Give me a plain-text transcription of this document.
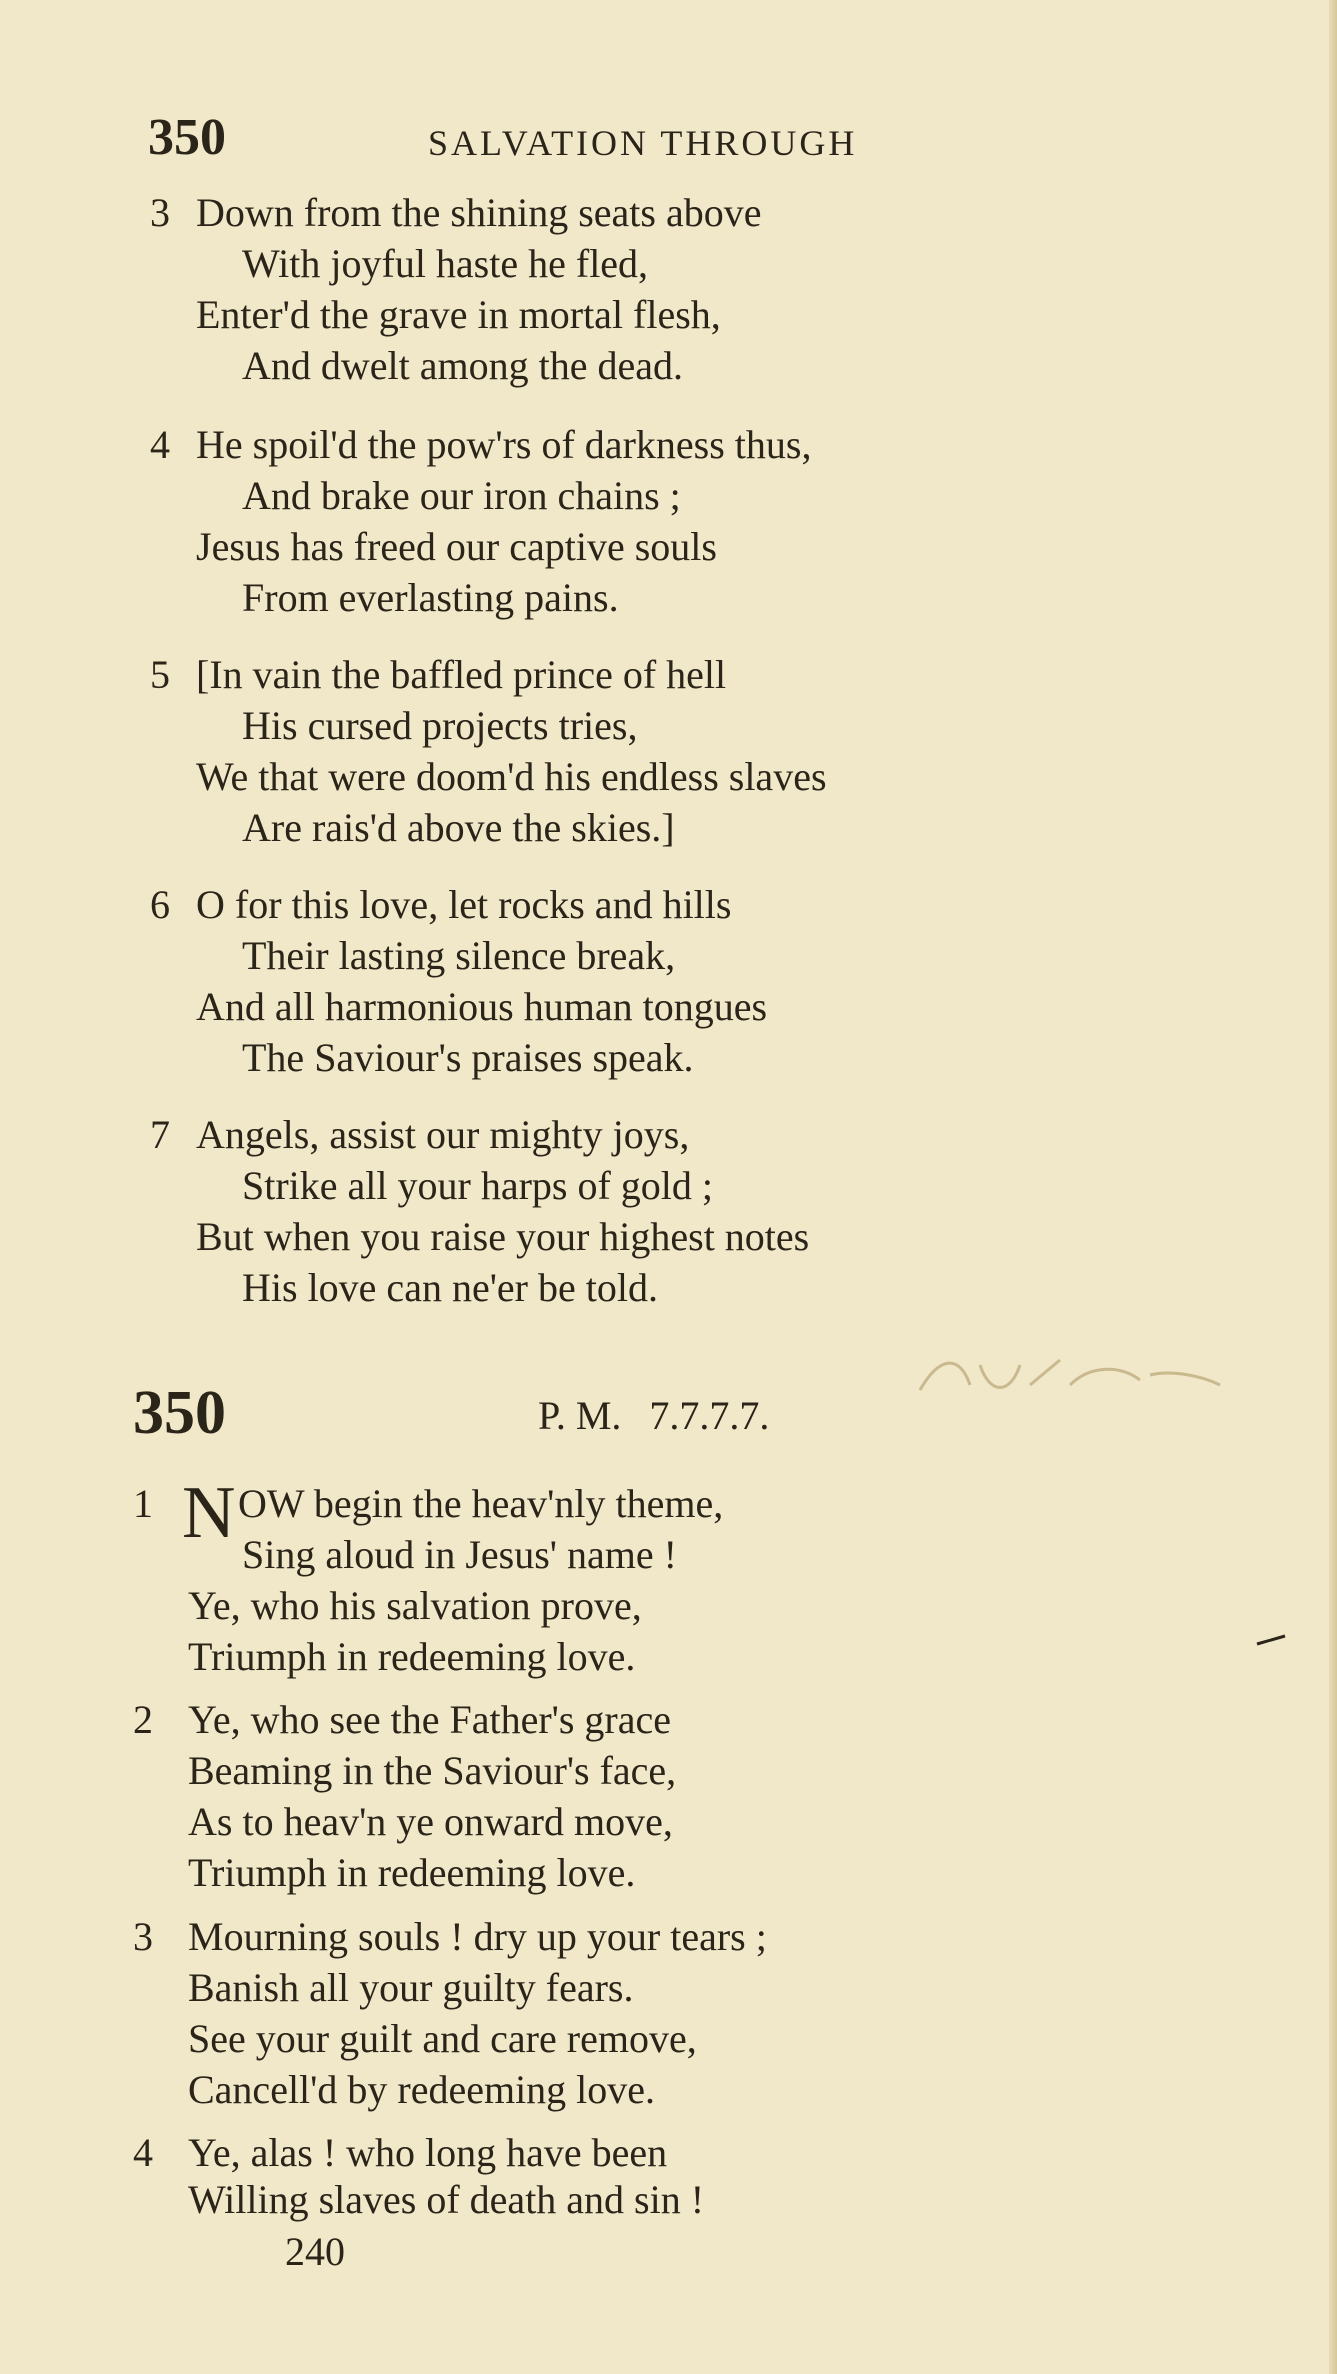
350	SALVATION THROUGH
3 Down from the shining seats above
With joyful haste he fled,
Enter'd the grave in mortal flesh,
And dwelt among the dead.
4 He spoil'd the pow'rs of darkness thus,
And brake our iron chains ;
Jesus has freed our captive souls
From everlasting pains.
5 [In vain the baffled prince of hell
His cursed projects tries,
We that were doom'd his endless slaves
Are rais'd above the skies.]
6 O for this love, let rocks and hills
Their lasting silence break,
And all harmonious human tongues
The Saviour's praises speak.
7 Angels, assist our mighty joys,
Strike all your harps of gold ;
But when you raise your highest notes
His love can ne'er be told.
350	P. M. 7.7.7.7.
1 N OW begin the heav'nly theme,
Sing aloud in Jesus' name !
Ye, who his salvation prove,
Triumph in redeeming love.
2 Ye, who see the Father's grace
Beaming in the Saviour's face,
As to heav'n ye onward move,
Triumph in redeeming love.
3 Mourning souls ! dry up your tears ;
Banish all your guilty fears.
See your guilt and care remove,
Cancell'd by redeeming love.
4 Ye, alas ! who long have been
Willing slaves of death and sin !
240
